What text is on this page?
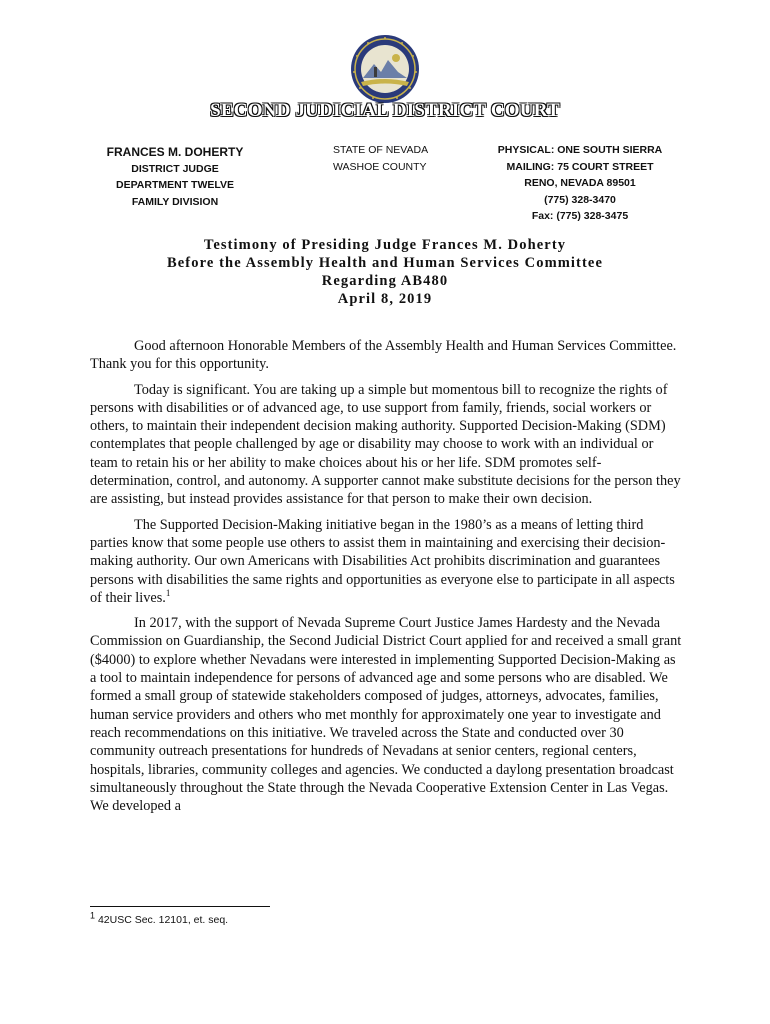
SECOND JUDICIAL DISTRICT COURT
FRANCES M. DOHERTY
DISTRICT JUDGE
DEPARTMENT TWELVE
FAMILY DIVISION
STATE OF NEVADA
WASHOE COUNTY
PHYSICAL: ONE SOUTH SIERRA
MAILING: 75 COURT STREET
RENO, NEVADA 89501
(775) 328-3470
Fax: (775) 328-3475
Testimony of Presiding Judge Frances M. Doherty
Before the Assembly Health and Human Services Committee
Regarding AB480
April 8, 2019

Good afternoon Honorable Members of the Assembly Health and Human Services Committee. Thank you for this opportunity.

Today is significant. You are taking up a simple but momentous bill to recognize the rights of persons with disabilities or of advanced age, to use support from family, friends, social workers or others, to maintain their independent decision making authority. Supported Decision-Making (SDM) contemplates that people challenged by age or disability may choose to work with an individual or team to retain his or her ability to make choices about his or her life. SDM promotes self-determination, control, and autonomy. A supporter cannot make substitute decisions for the person they are assisting, but instead provides assistance for that person to make their own decision.

The Supported Decision-Making initiative began in the 1980’s as a means of letting third parties know that some people use others to assist them in maintaining and exercising their decision-making authority. Our own Americans with Disabilities Act prohibits discrimination and guarantees persons with disabilities the same rights and opportunities as everyone else to participate in all aspects of their lives.$^1$

In 2017, with the support of Nevada Supreme Court Justice James Hardesty and the Nevada Commission on Guardianship, the Second Judicial District Court applied for and received a small grant ($4000) to explore whether Nevadans were interested in implementing Supported Decision-Making as a tool to maintain independence for persons of advanced age and some persons who are disabled. We formed a small group of statewide stakeholders composed of judges, attorneys, advocates, families, human service providers and others who met monthly for approximately one year to investigate and reach recommendations on this initiative. We traveled across the State and conducted over 30 community outreach presentations for hundreds of Nevadans at senior centers, regional centers, hospitals, libraries, community colleges and agencies. We conducted a daylong presentation broadcast simultaneously throughout the State through the Nevada Cooperative Extension Center in Las Vegas. We developed a

$^1$ 42USC Sec. 12101, et. seq.
